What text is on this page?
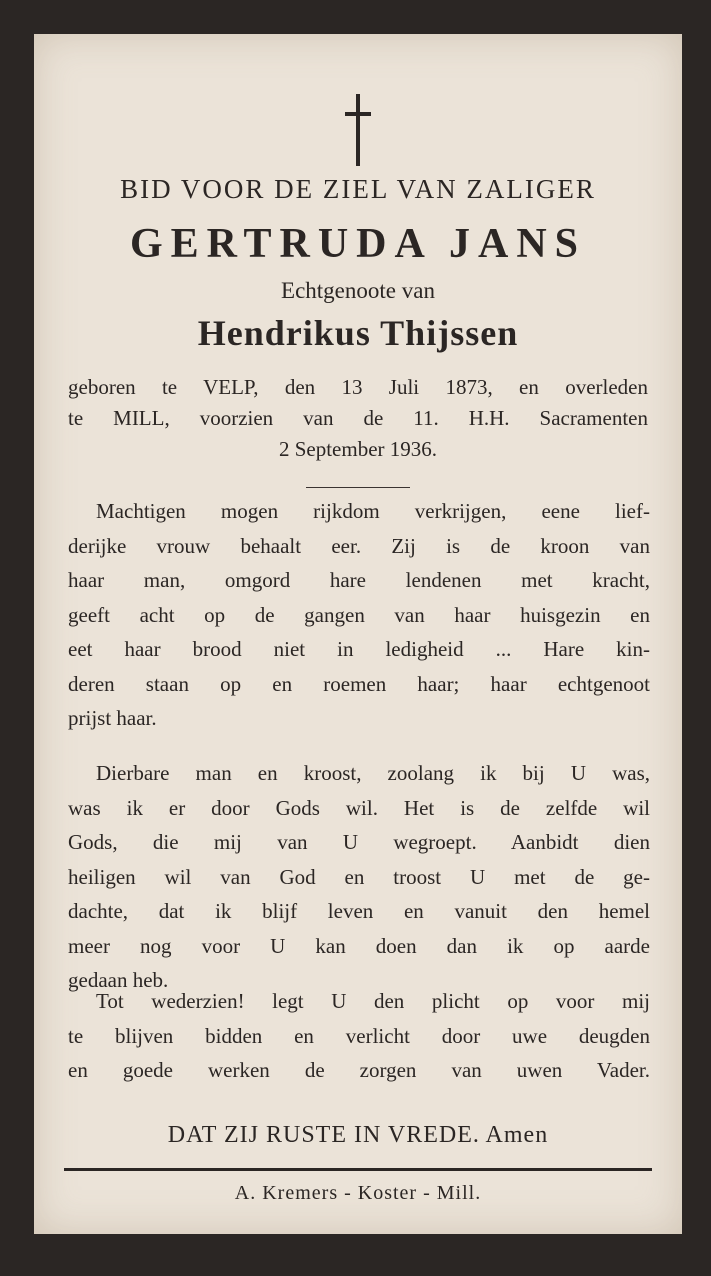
BID VOOR DE ZIEL VAN ZALIGER
GERTRUDA JANS
Echtgenoote van
Hendrikus Thijssen
geboren te VELP, den 13 Juli 1873, en overleden
te MILL, voorzien van de 11. H.H. Sacramenten
2 September 1936.
Machtigen mogen rijkdom verkrijgen, eene lief-
derijke vrouw behaalt eer. Zij is de kroon van
haar man, omgord hare lendenen met kracht,
geeft acht op de gangen van haar huisgezin en
eet haar brood niet in ledigheid ... Hare kin-
deren staan op en roemen haar; haar echtgenoot
prijst haar.
Dierbare man en kroost, zoolang ik bij U was,
was ik er door Gods wil. Het is de zelfde wil
Gods, die mij van U wegroept. Aanbidt dien
heiligen wil van God en troost U met de ge-
dachte, dat ik blijf leven en vanuit den hemel
meer nog voor U kan doen dan ik op aarde
gedaan heb.
Tot wederzien! legt U den plicht op voor mij
te blijven bidden en verlicht door uwe deugden
en goede werken de zorgen van uwen Vader.
DAT ZIJ RUSTE IN VREDE. Amen
A. Kremers - Koster - Mill.
